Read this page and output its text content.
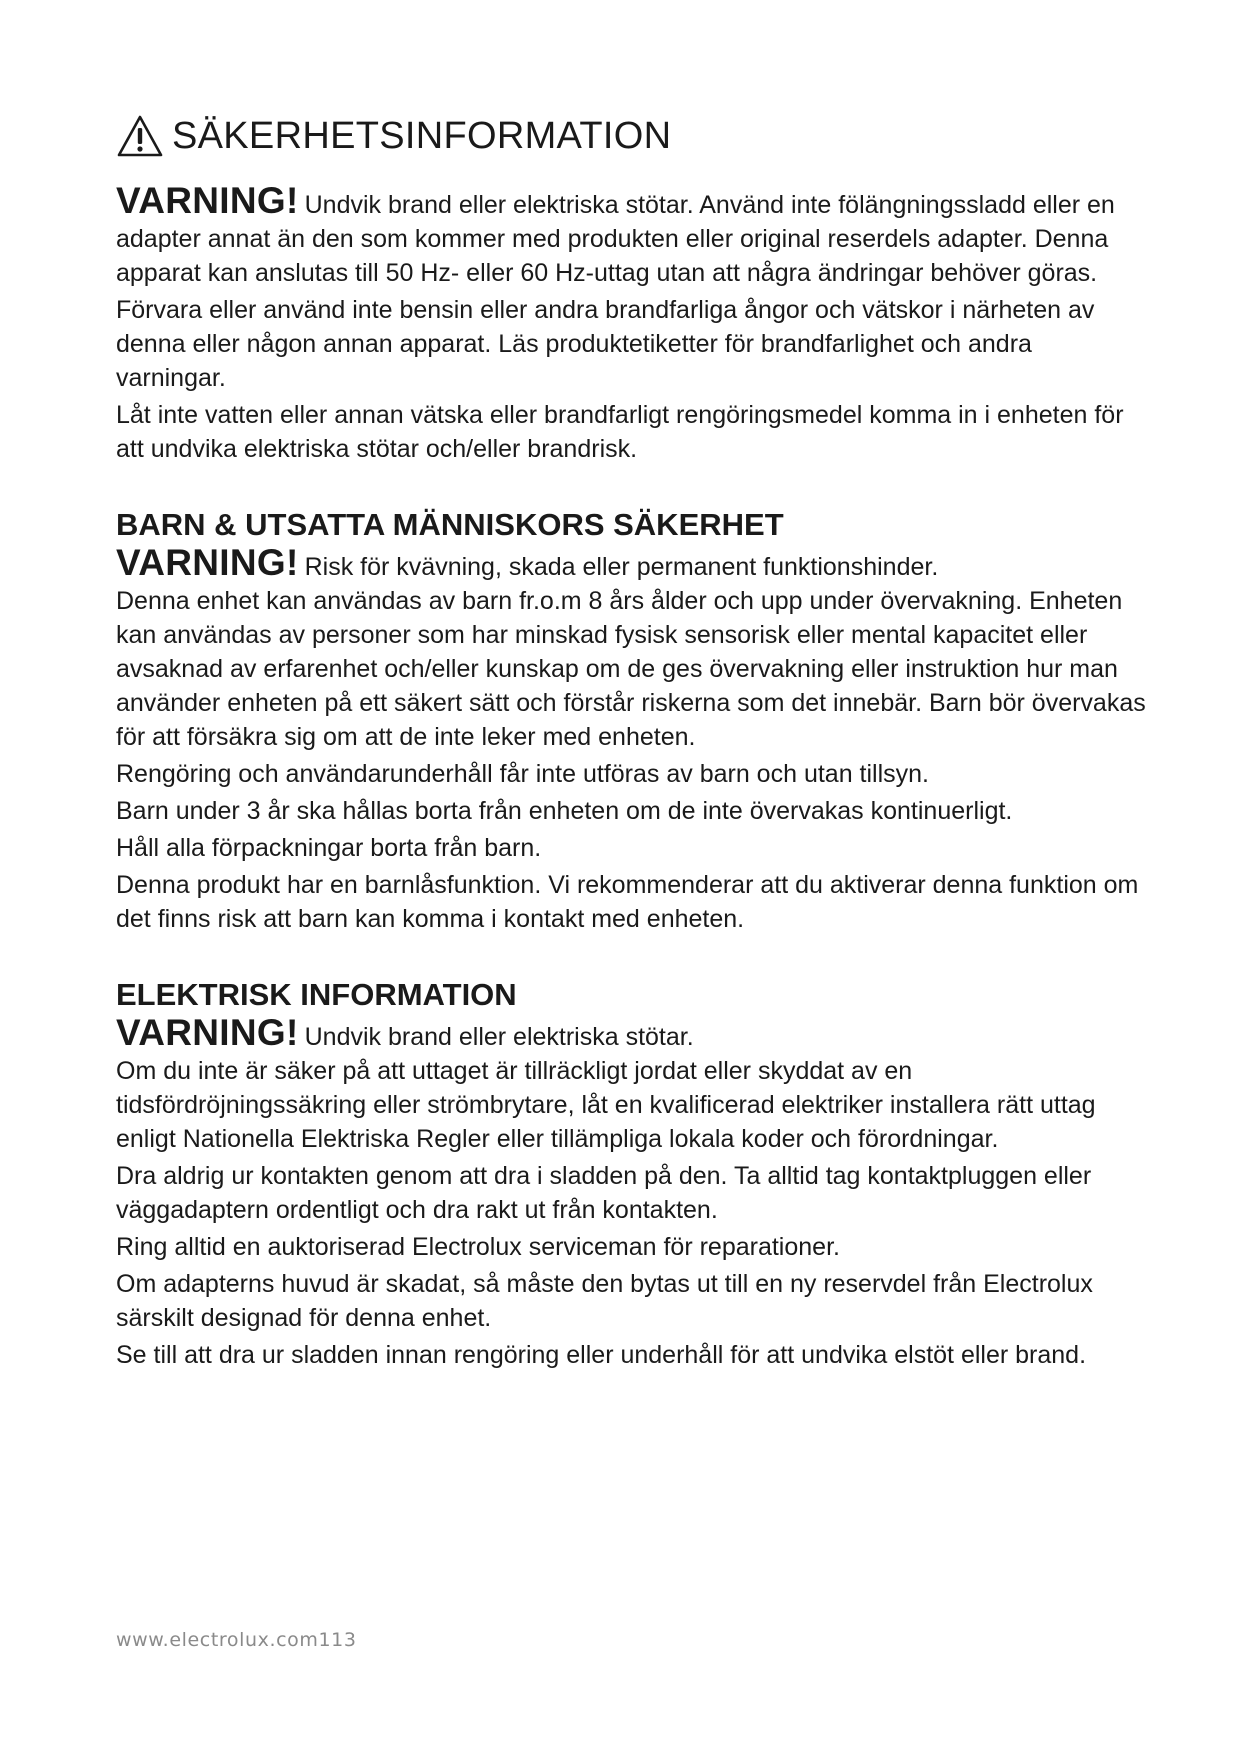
SÄKERHETSINFORMATION

VARNING! Undvik brand eller elektriska stötar. Använd inte fölängningssladd eller en adapter annat än den som kommer med produkten eller original reserdels adapter. Denna apparat kan anslutas till 50 Hz- eller 60 Hz-uttag utan att några ändringar behöver göras.

Förvara eller använd inte bensin eller andra brandfarliga ångor och vätskor i närheten av denna eller någon annan apparat. Läs produktetiketter för brandfarlighet och andra varningar.

Låt inte vatten eller annan vätska eller brandfarligt rengöringsmedel komma in i enheten för att undvika elektriska stötar och/eller brandrisk.

BARN & UTSATTA MÄNNISKORS SÄKERHET

VARNING! Risk för kvävning, skada eller permanent funktionshinder.

Denna enhet kan användas av barn fr.o.m 8 års ålder och upp under övervakning. Enheten kan användas av personer som har minskad fysisk sensorisk eller mental kapacitet eller avsaknad av erfarenhet och/eller kunskap om de ges övervakning eller instruktion hur man använder enheten på ett säkert sätt och förstår riskerna som det innebär. Barn bör övervakas för att försäkra sig om att de inte leker med enheten.

Rengöring och användarunderhåll får inte utföras av barn och utan tillsyn.

Barn under 3 år ska hållas borta från enheten om de inte övervakas kontinuerligt.

Håll alla förpackningar borta från barn.

Denna produkt har en barnlåsfunktion. Vi rekommenderar att du aktiverar denna funktion om det finns risk att barn kan komma i kontakt med enheten.

ELEKTRISK INFORMATION

VARNING! Undvik brand eller elektriska stötar.

Om du inte är säker på att uttaget är tillräckligt jordat eller skyddat av en tidsfördröjningssäkring eller strömbrytare, låt en kvalificerad elektriker installera rätt uttag enligt Nationella Elektriska Regler eller tillämpliga lokala koder och förordningar.

Dra aldrig ur kontakten genom att dra i sladden på den. Ta alltid tag kontaktpluggen eller väggadaptern ordentligt och dra rakt ut från kontakten.

Ring alltid en auktoriserad Electrolux serviceman för reparationer.

Om adapterns huvud är skadat, så måste den bytas ut till en ny reservdel från Electrolux särskilt designad för denna enhet.

Se till att dra ur sladden innan rengöring eller underhåll för att undvika elstöt eller brand.

www.electrolux.com113
